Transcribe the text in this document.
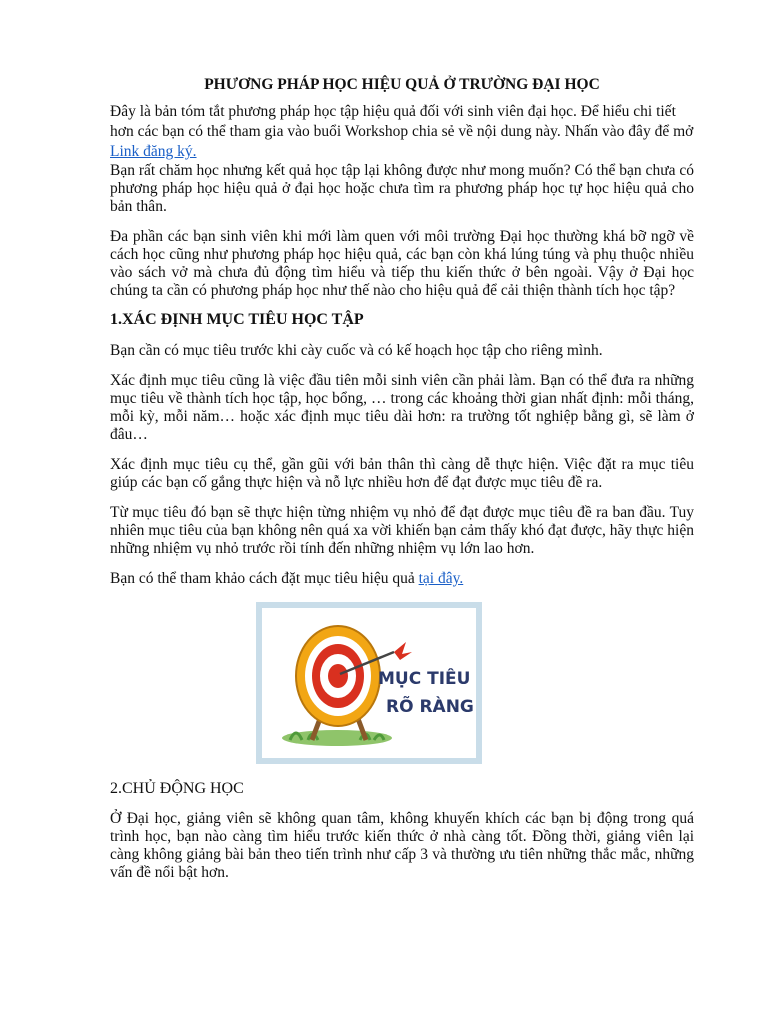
PHƯƠNG PHÁP HỌC HIỆU QUẢ Ở TRƯỜNG ĐẠI HỌC

Đây là bản tóm tắt phương pháp học tập hiệu quả đối với sinh viên đại học. Để hiểu chi tiết hơn các bạn có thể tham gia vào buổi Workshop chia sẻ về nội dung này. Nhấn vào đây để mở Link đăng ký.

Bạn rất chăm học nhưng kết quả học tập lại không được như mong muốn? Có thể bạn chưa có phương pháp học hiệu quả ở đại học hoặc chưa tìm ra phương pháp học tự học hiệu quả cho bản thân.

Đa phần các bạn sinh viên khi mới làm quen với môi trường Đại học thường khá bỡ ngỡ về cách học cũng như phương pháp học hiệu quả, các bạn còn khá lúng túng và phụ thuộc nhiều vào sách vở mà chưa đủ động tìm hiểu và tiếp thu kiến thức ở bên ngoài. Vậy ở Đại học chúng ta cần có phương pháp học như thế nào cho hiệu quả để cải thiện thành tích học tập?

1.XÁC ĐỊNH MỤC TIÊU HỌC TẬP

Bạn cần có mục tiêu trước khi cày cuốc và có kế hoạch học tập cho riêng mình.

Xác định mục tiêu cũng là việc đầu tiên mỗi sinh viên cần phải làm. Bạn có thể đưa ra những mục tiêu về thành tích học tập, học bổng, … trong các khoảng thời gian nhất định: mỗi tháng, mỗi kỳ, mỗi năm… hoặc xác định mục tiêu dài hơn: ra trường tốt nghiệp bằng gì, sẽ làm ở đâu…

Xác định mục tiêu cụ thể, gần gũi với bản thân thì càng dễ thực hiện. Việc đặt ra mục tiêu giúp các bạn cố gắng thực hiện và nỗ lực nhiều hơn để đạt được mục tiêu đề ra.

Từ mục tiêu đó bạn sẽ thực hiện từng nhiệm vụ nhỏ để đạt được mục tiêu đề ra ban đầu. Tuy nhiên mục tiêu của bạn không nên quá xa vời khiến bạn cảm thấy khó đạt được, hãy thực hiện những nhiệm vụ nhỏ trước rồi tính đến những nhiệm vụ lớn lao hơn.

Bạn có thể tham khảo cách đặt mục tiêu hiệu quả tại đây.

MỤC TIÊU
RÕ RÀNG
2.CHỦ ĐỘNG HỌC

Ở Đại học, giảng viên sẽ không quan tâm, không khuyến khích các bạn bị động trong quá trình học, bạn nào càng tìm hiểu trước kiến thức ở nhà càng tốt. Đồng thời, giảng viên lại càng không giảng bài bản theo tiến trình như cấp 3 và thường ưu tiên những thắc mắc, những vấn đề nổi bật hơn.
